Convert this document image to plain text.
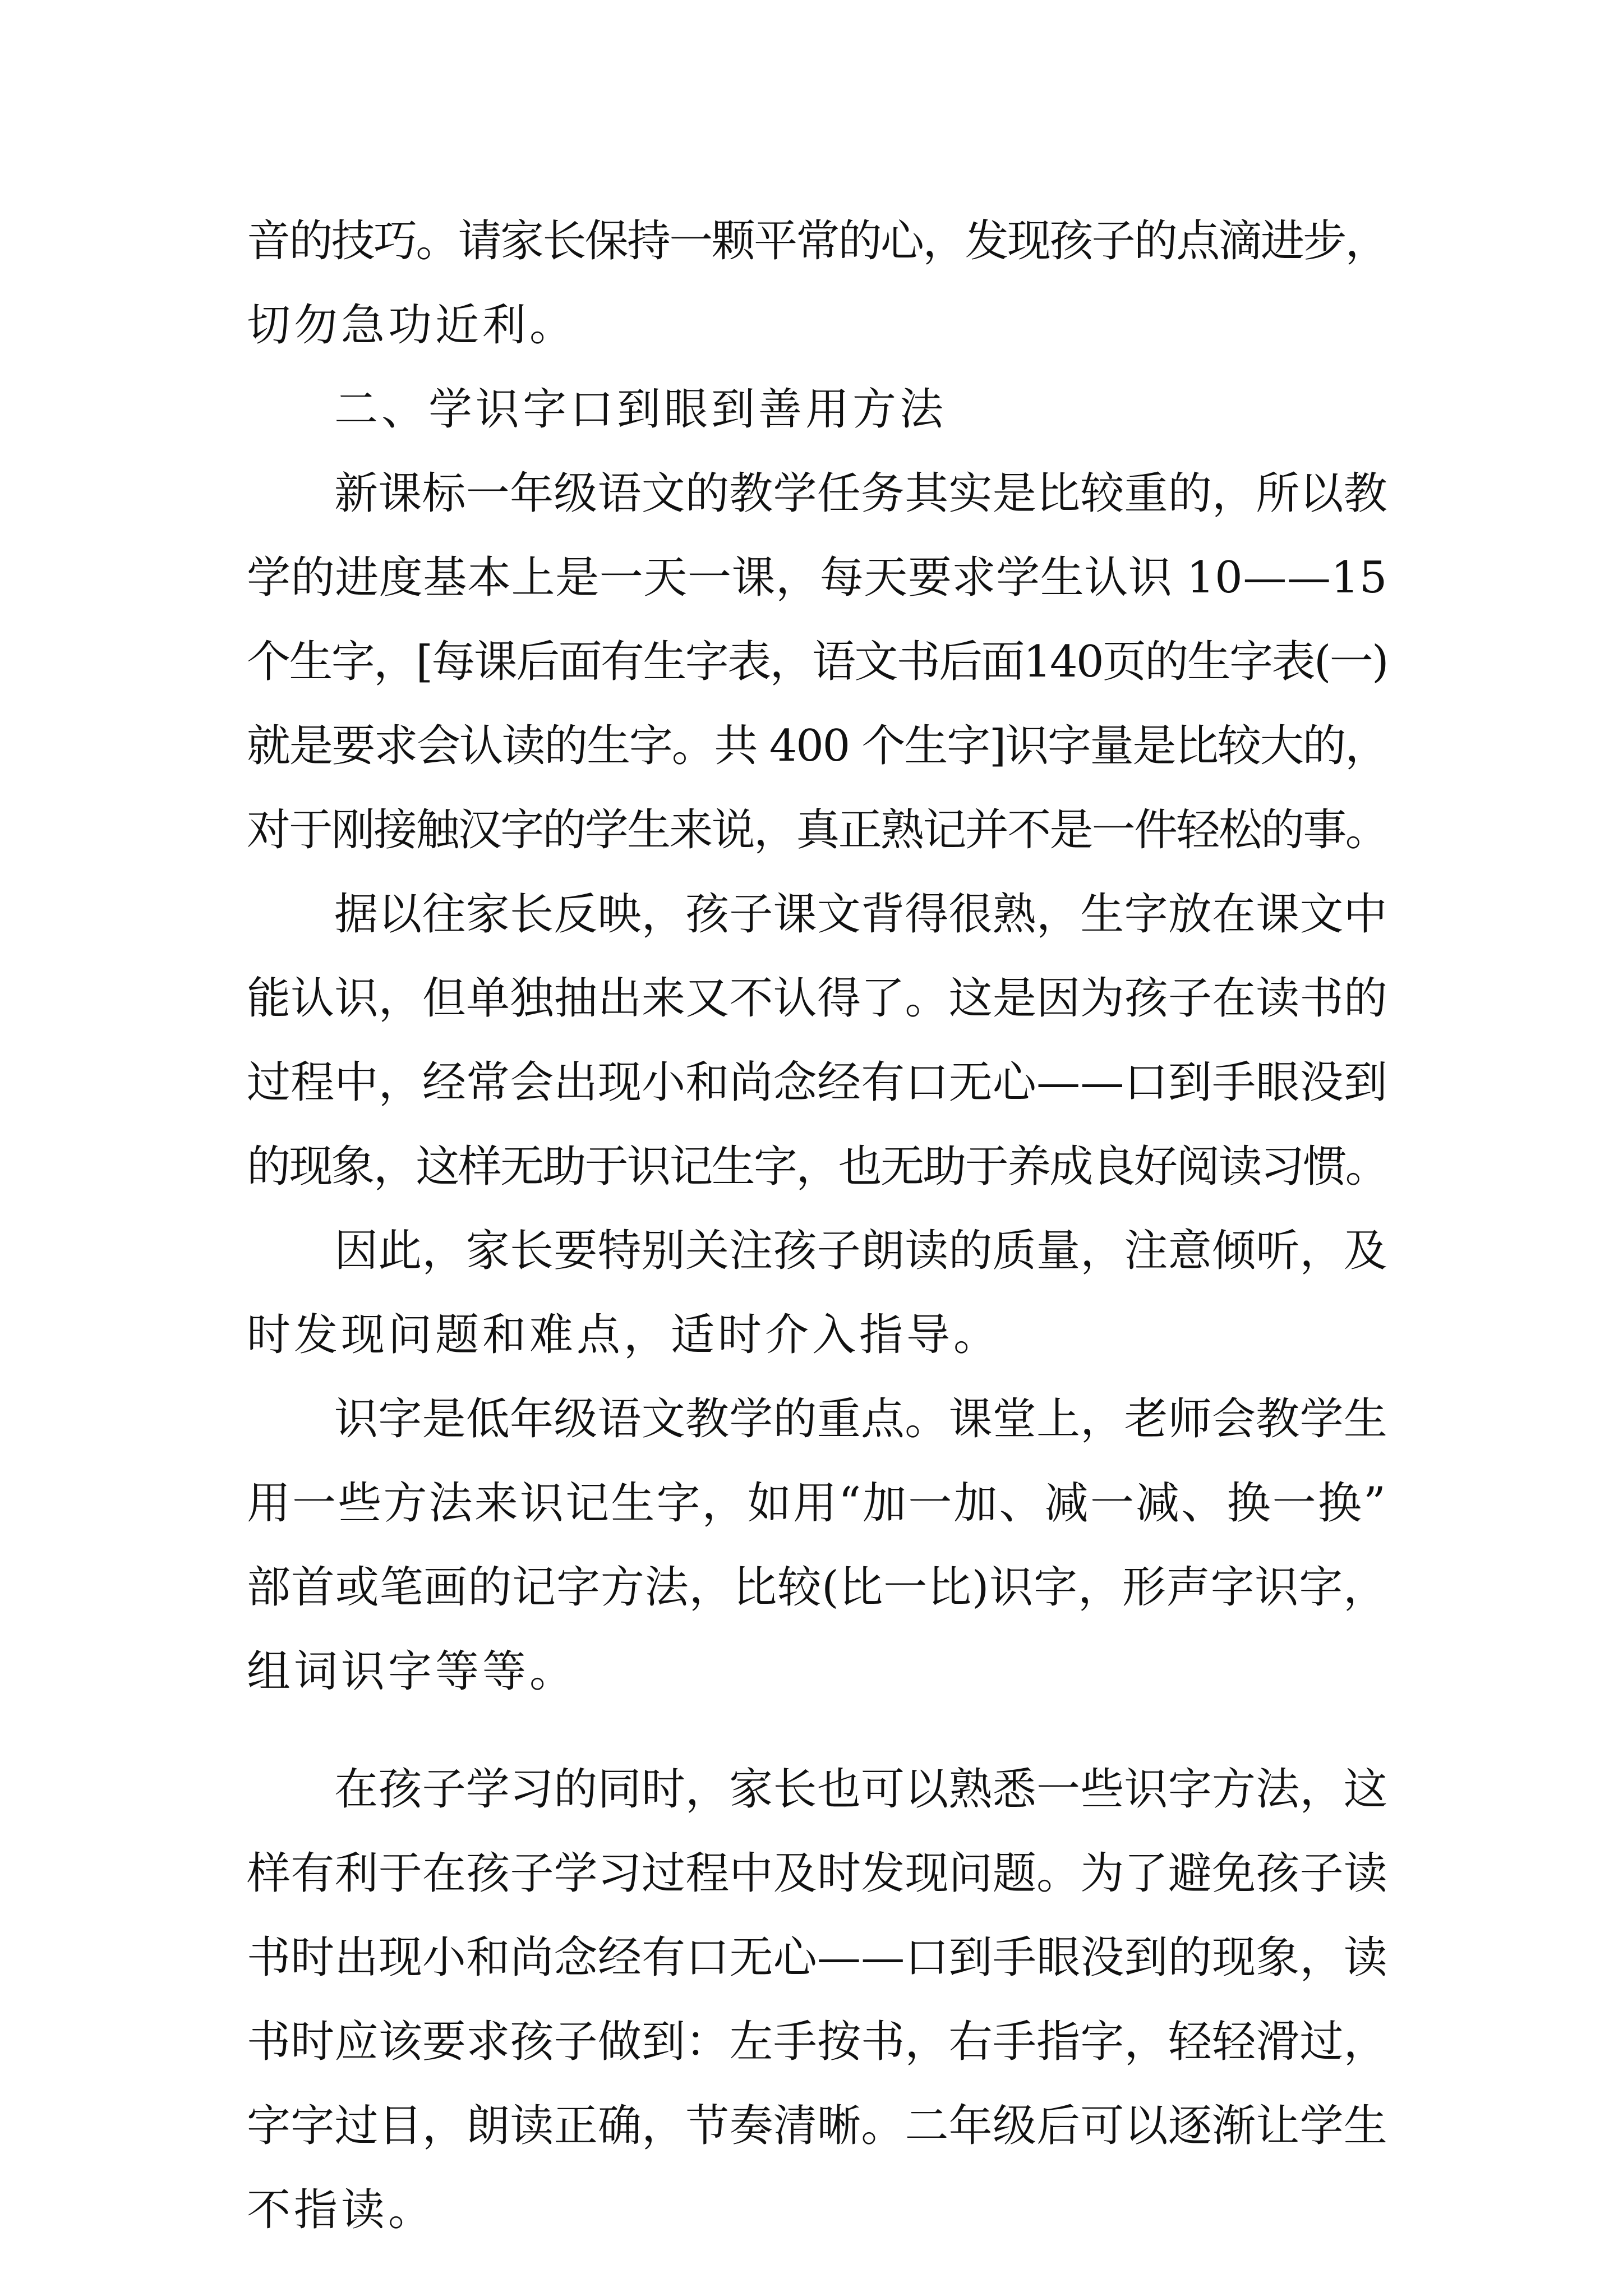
音的技巧。请家长保持一颗平常的心，发现孩子的点滴进步，
切勿急功近利。
二、学识字口到眼到善用方法
新课标一年级语文的教学任务其实是比较重的，所以教
学的进度基本上是一天一课，每天要求学生认识 10——15
个生字，[每课后面有生字表，语文书后面140页的生字表(一)
就是要求会认读的生字。共 400 个生字]识字量是比较大的，
对于刚接触汉字的学生来说，真正熟记并不是一件轻松的事。
据以往家长反映，孩子课文背得很熟，生字放在课文中
能认识，但单独抽出来又不认得了。这是因为孩子在读书的
过程中，经常会出现小和尚念经有口无心——口到手眼没到
的现象，这样无助于识记生字，也无助于养成良好阅读习惯。
因此，家长要特别关注孩子朗读的质量，注意倾听，及
时发现问题和难点，适时介入指导。
识字是低年级语文教学的重点。课堂上，老师会教学生
用一些方法来识记生字，如用“加一加、减一减、换一换”
部首或笔画的记字方法，比较(比一比)识字，形声字识字，
组词识字等等。
在孩子学习的同时，家长也可以熟悉一些识字方法，这
样有利于在孩子学习过程中及时发现问题。为了避免孩子读
书时出现小和尚念经有口无心——口到手眼没到的现象，读
书时应该要求孩子做到：左手按书，右手指字，轻轻滑过，
字字过目，朗读正确，节奏清晰。二年级后可以逐渐让学生
不指读。
